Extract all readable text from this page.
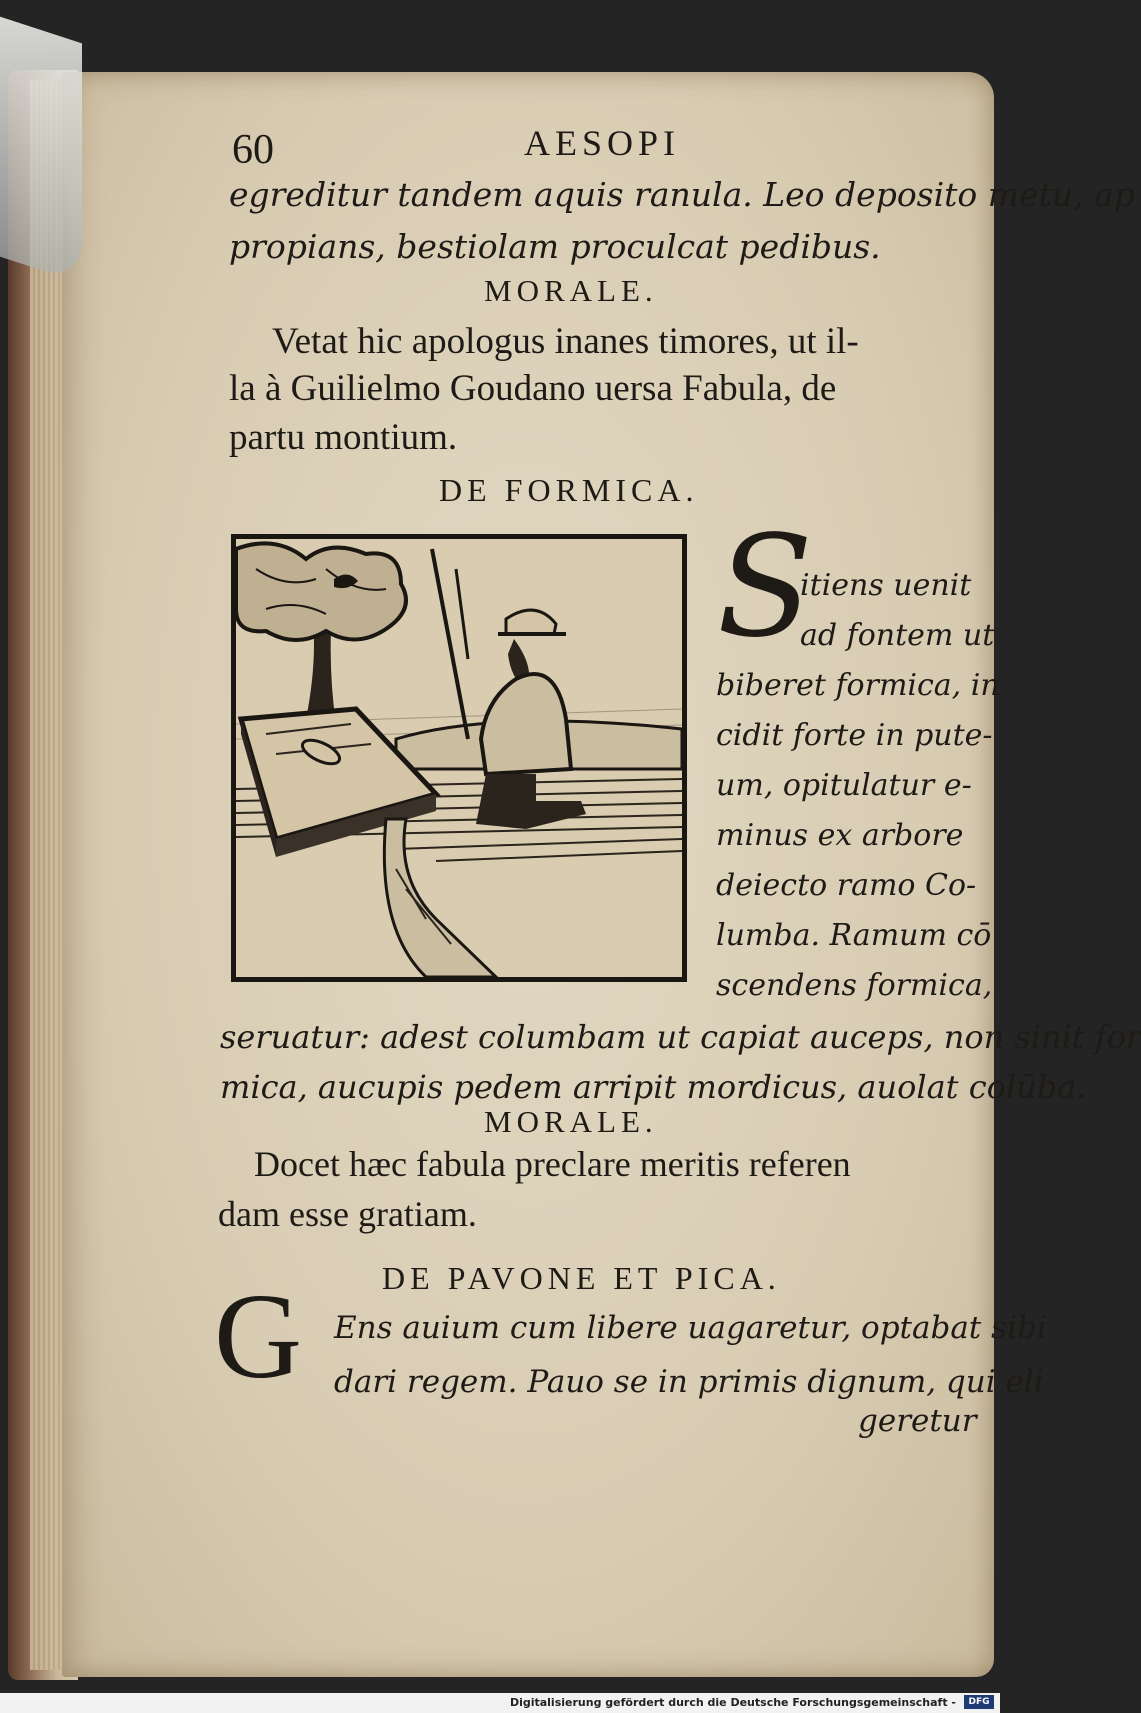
60	AESOPI
egreditur tandem aquis ranula. Leo deposito metu, ap
propians, bestiolam proculcat pedibus.
MORALE.
Vetat hic apologus inanes timores, ut il-
la à Guilielmo Goudano uersa Fabula, de
partu montium.
DE FORMICA.
S
itiens uenit
ad fontem ut
biberet formica, in
cidit forte in pute-
um, opitulatur e-
minus ex arbore
deiecto ramo Co-
lumba. Ramum cō
scendens formica,
seruatur: adest columbam ut capiat auceps, non sinit for
mica, aucupis pedem arripit mordicus, auolat colūba.
MORALE.
Docet hæc fabula preclare meritis referen
dam esse gratiam.
DE PAVONE ET PICA.
G Ens auium cum libere uagaretur, optabat sibi
dari regem. Pauo se in primis dignum, qui eli
geretur
Digitalisierung gefördert durch die Deutsche Forschungsgemeinschaft -	DFG
